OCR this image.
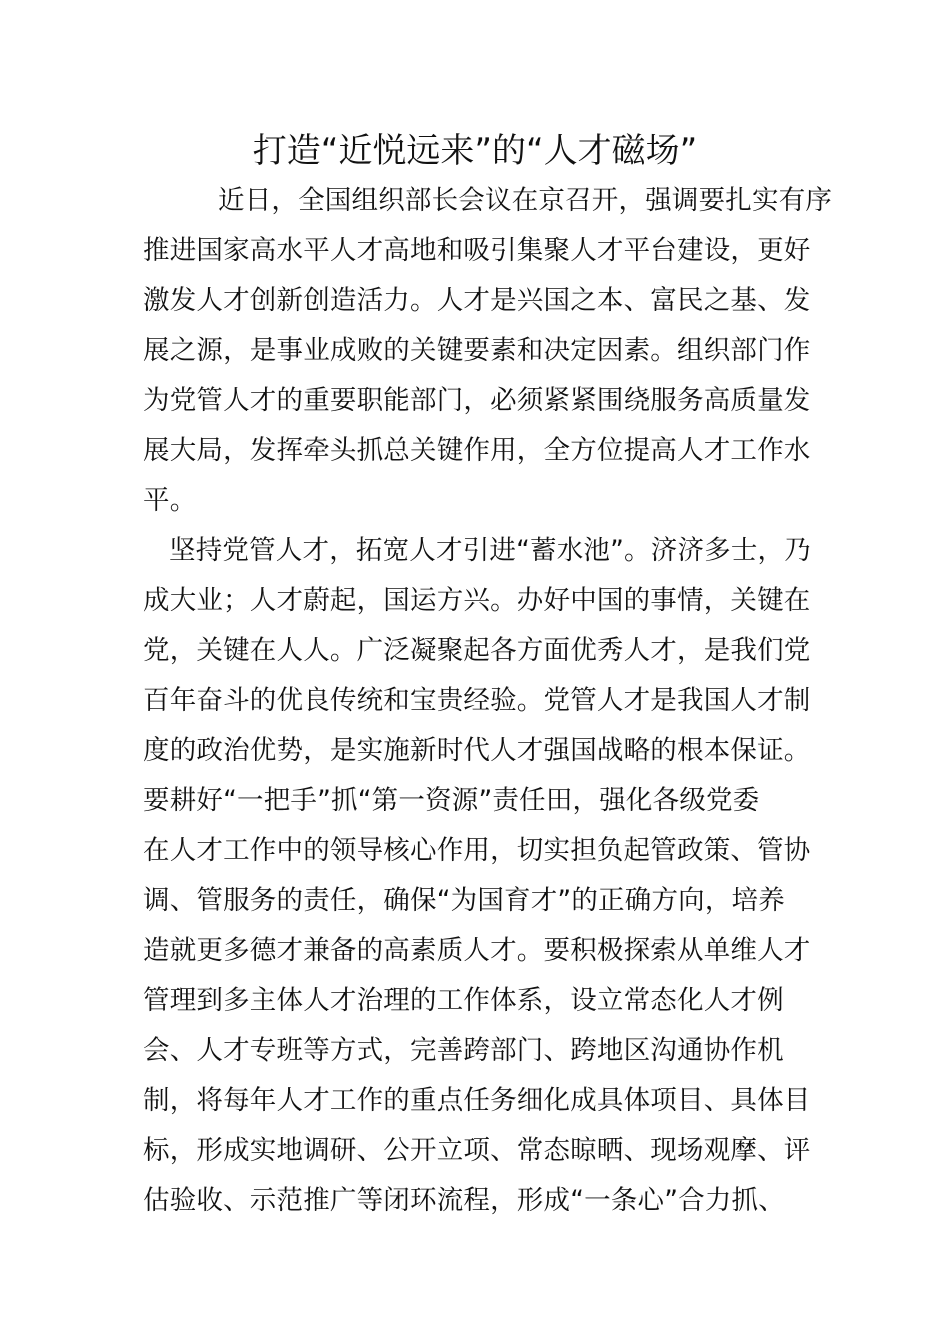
打造“近悦远来”的“人才磁场”
近日，全国组织部长会议在京召开，强调要扎实有序
推进国家高水平人才高地和吸引集聚人才平台建设，更好
激发人才创新创造活力。人才是兴国之本、富民之基、发
展之源，是事业成败的关键要素和决定因素。组织部门作
为党管人才的重要职能部门，必须紧紧围绕服务高质量发
展大局，发挥牵头抓总关键作用，全方位提高人才工作水
平。
坚持党管人才，拓宽人才引进“蓄水池”。济济多士，乃
成大业；人才蔚起，国运方兴。办好中国的事情，关键在
党，关键在人人。广泛凝聚起各方面优秀人才，是我们党
百年奋斗的优良传统和宝贵经验。党管人才是我国人才制
度的政治优势，是实施新时代人才强国战略的根本保证。
要耕好“一把手”抓“第一资源”责任田，强化各级党委
在人才工作中的领导核心作用，切实担负起管政策、管协
调、管服务的责任，确保“为国育才”的正确方向，培养
造就更多德才兼备的高素质人才。要积极探索从单维人才
管理到多主体人才治理的工作体系，设立常态化人才例
会、人才专班等方式，完善跨部门、跨地区沟通协作机
制，将每年人才工作的重点任务细化成具体项目、具体目
标，形成实地调研、公开立项、常态晾晒、现场观摩、评
估验收、示范推广等闭环流程，形成“一条心”合力抓、
